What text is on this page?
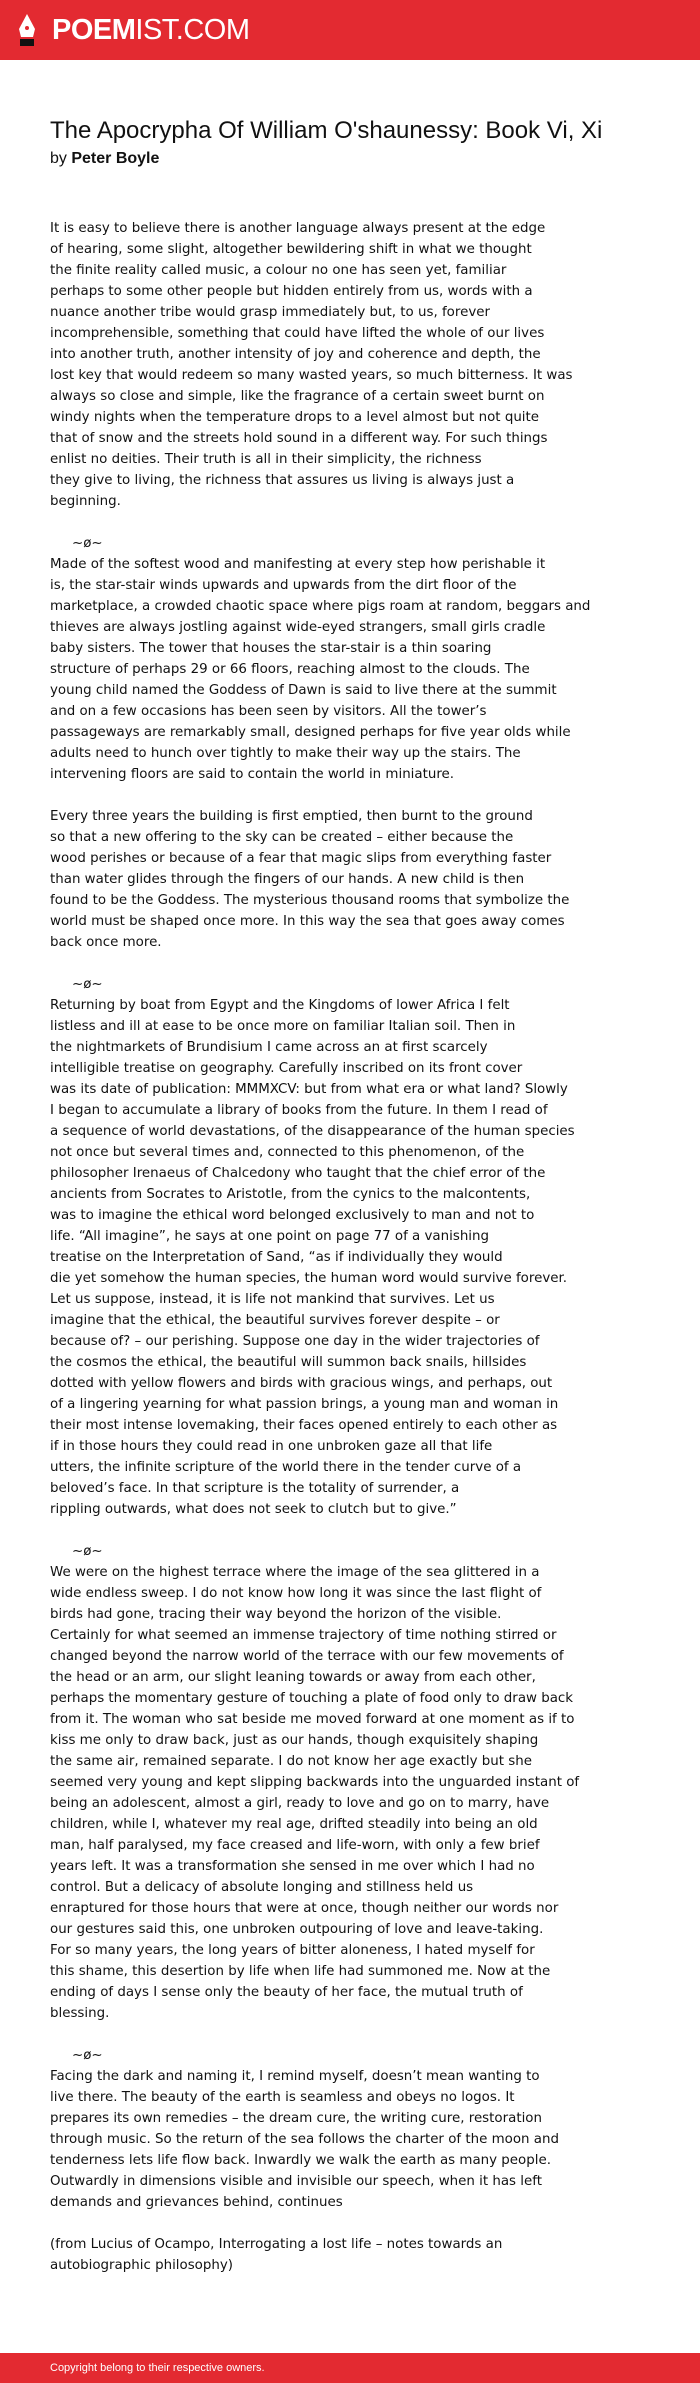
POEMIST.COM
The Apocrypha Of William O'shaunessy: Book Vi, Xi
by Peter Boyle
It is easy to believe there is another language always present at the edge
of hearing, some slight, altogether bewildering shift in what we thought
the finite reality called music, a colour no one has seen yet, familiar
perhaps to some other people but hidden entirely from us, words with a
nuance another tribe would grasp immediately but, to us, forever
incomprehensible, something that could have lifted the whole of our lives
into another truth, another intensity of joy and coherence and depth, the
lost key that would redeem so many wasted years, so much bitterness. It was
always so close and simple, like the fragrance of a certain sweet burnt on
windy nights when the temperature drops to a level almost but not quite
that of snow and the streets hold sound in a different way. For such things
enlist no deities. Their truth is all in their simplicity, the richness
they give to living, the richness that assures us living is always just a
beginning.
~ø~
Made of the softest wood and manifesting at every step how perishable it
is, the star-stair winds upwards and upwards from the dirt floor of the
marketplace, a crowded chaotic space where pigs roam at random, beggars and
thieves are always jostling against wide-eyed strangers, small girls cradle
baby sisters. The tower that houses the star-stair is a thin soaring
structure of perhaps 29 or 66 floors, reaching almost to the clouds. The
young child named the Goddess of Dawn is said to live there at the summit
and on a few occasions has been seen by visitors. All the tower’s
passageways are remarkably small, designed perhaps for five year olds while
adults need to hunch over tightly to make their way up the stairs. The
intervening floors are said to contain the world in miniature.
Every three years the building is first emptied, then burnt to the ground
so that a new offering to the sky can be created – either because the
wood perishes or because of a fear that magic slips from everything faster
than water glides through the fingers of our hands. A new child is then
found to be the Goddess. The mysterious thousand rooms that symbolize the
world must be shaped once more. In this way the sea that goes away comes
back once more.
~ø~
Returning by boat from Egypt and the Kingdoms of lower Africa I felt
listless and ill at ease to be once more on familiar Italian soil. Then in
the nightmarkets of Brundisium I came across an at first scarcely
intelligible treatise on geography. Carefully inscribed on its front cover
was its date of publication: MMMXCV: but from what era or what land? Slowly
I began to accumulate a library of books from the future. In them I read of
a sequence of world devastations, of the disappearance of the human species
not once but several times and, connected to this phenomenon, of the
philosopher Irenaeus of Chalcedony who taught that the chief error of the
ancients from Socrates to Aristotle, from the cynics to the malcontents,
was to imagine the ethical word belonged exclusively to man and not to
life. “All imagine”, he says at one point on page 77 of a vanishing
treatise on the Interpretation of Sand, “as if individually they would
die yet somehow the human species, the human word would survive forever.
Let us suppose, instead, it is life not mankind that survives. Let us
imagine that the ethical, the beautiful survives forever despite – or
because of? – our perishing. Suppose one day in the wider trajectories of
the cosmos the ethical, the beautiful will summon back snails, hillsides
dotted with yellow flowers and birds with gracious wings, and perhaps, out
of a lingering yearning for what passion brings, a young man and woman in
their most intense lovemaking, their faces opened entirely to each other as
if in those hours they could read in one unbroken gaze all that life
utters, the infinite scripture of the world there in the tender curve of a
beloved’s face. In that scripture is the totality of surrender, a
rippling outwards, what does not seek to clutch but to give.”
~ø~
We were on the highest terrace where the image of the sea glittered in a
wide endless sweep. I do not know how long it was since the last flight of
birds had gone, tracing their way beyond the horizon of the visible.
Certainly for what seemed an immense trajectory of time nothing stirred or
changed beyond the narrow world of the terrace with our few movements of
the head or an arm, our slight leaning towards or away from each other,
perhaps the momentary gesture of touching a plate of food only to draw back
from it. The woman who sat beside me moved forward at one moment as if to
kiss me only to draw back, just as our hands, though exquisitely shaping
the same air, remained separate. I do not know her age exactly but she
seemed very young and kept slipping backwards into the unguarded instant of
being an adolescent, almost a girl, ready to love and go on to marry, have
children, while I, whatever my real age, drifted steadily into being an old
man, half paralysed, my face creased and life-worn, with only a few brief
years left. It was a transformation she sensed in me over which I had no
control. But a delicacy of absolute longing and stillness held us
enraptured for those hours that were at once, though neither our words nor
our gestures said this, one unbroken outpouring of love and leave-taking.
For so many years, the long years of bitter aloneness, I hated myself for
this shame, this desertion by life when life had summoned me. Now at the
ending of days I sense only the beauty of her face, the mutual truth of
blessing.
~ø~
Facing the dark and naming it, I remind myself, doesn’t mean wanting to
live there. The beauty of the earth is seamless and obeys no logos. It
prepares its own remedies – the dream cure, the writing cure, restoration
through music. So the return of the sea follows the charter of the moon and
tenderness lets life flow back. Inwardly we walk the earth as many people.
Outwardly in dimensions visible and invisible our speech, when it has left
demands and grievances behind, continues
(from Lucius of Ocampo, Interrogating a lost life – notes towards an
autobiographic philosophy)
Copyright belong to their respective owners.
